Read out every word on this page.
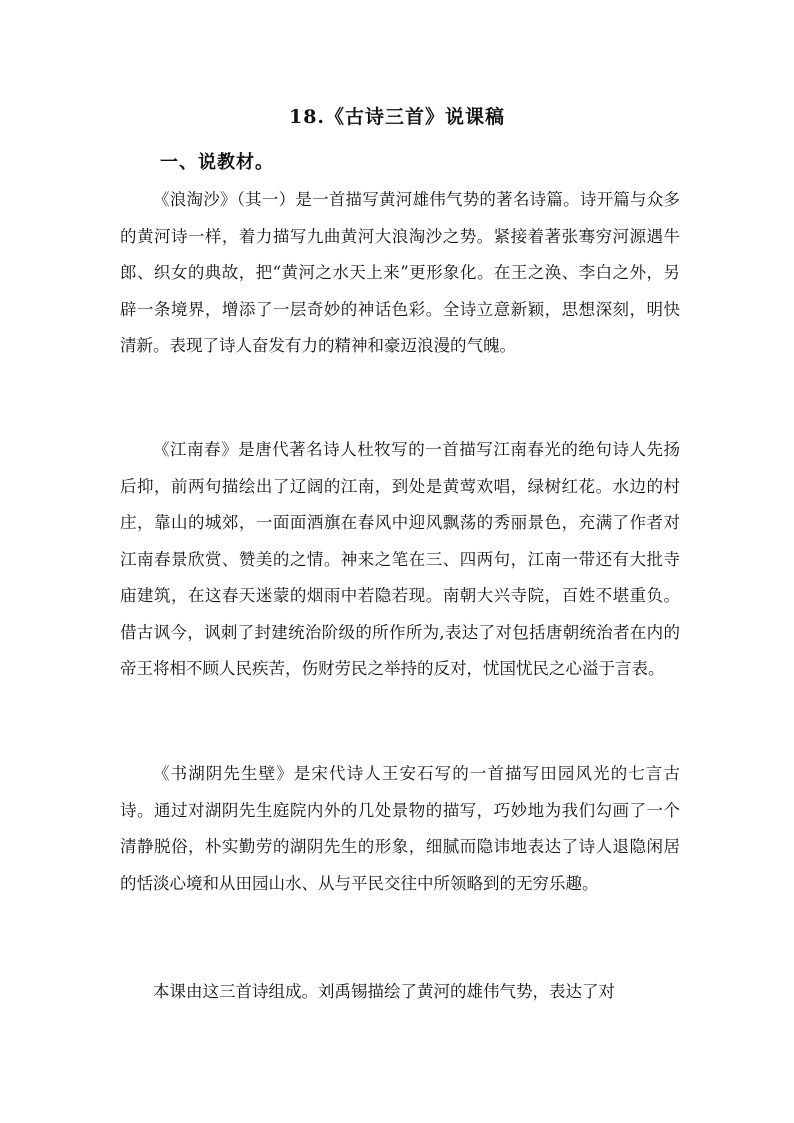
18.《古诗三首》说课稿
一、说教材。

《浪淘沙》（其一）是一首描写黄河雄伟气势的著名诗篇。诗开篇与众多的黄河诗一样，着力描写九曲黄河大浪淘沙之势。紧接着著张骞穷河源遇牛郎、织女的典故，把“黄河之水天上来”更形象化。在王之涣、李白之外，另辟一条境界，增添了一层奇妙的神话色彩。全诗立意新颖，思想深刻，明快清新。表现了诗人奋发有力的精神和豪迈浪漫的气魄。

《江南春》是唐代著名诗人杜牧写的一首描写江南春光的绝句诗人先扬后抑，前两句描绘出了辽阔的江南，到处是黄莺欢唱，绿树红花。水边的村庄，靠山的城郊，一面面酒旗在春风中迎风飘荡的秀丽景色，充满了作者对江南春景欣赏、赞美的之情。神来之笔在三、四两句，江南一带还有大批寺庙建筑，在这春天迷蒙的烟雨中若隐若现。南朝大兴寺院，百姓不堪重负。借古讽今，讽刺了封建统治阶级的所作所为,表达了对包括唐朝统治者在内的帝王将相不顾人民疾苦，伤财劳民之举持的反对，忧国忧民之心溢于言表。

《书湖阴先生壁》是宋代诗人王安石写的一首描写田园风光的七言古诗。通过对湖阴先生庭院内外的几处景物的描写，巧妙地为我们勾画了一个清静脱俗，朴实勤劳的湖阴先生的形象，细腻而隐讳地表达了诗人退隐闲居的恬淡心境和从田园山水、从与平民交往中所领略到的无穷乐趣。

本课由这三首诗组成。刘禹锡描绘了黄河的雄伟气势，表达了对
